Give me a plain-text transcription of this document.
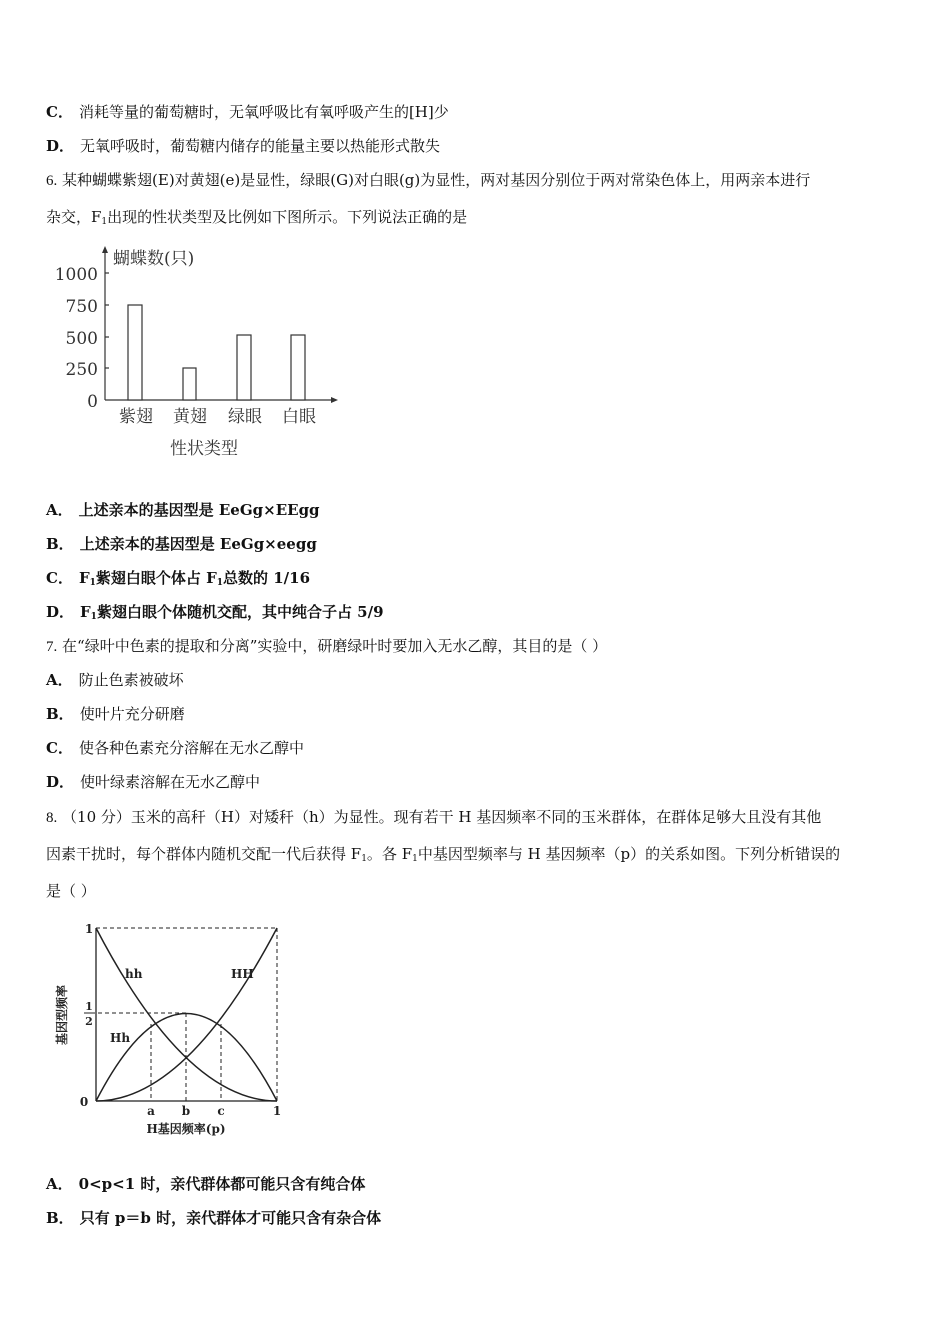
C． 消耗等量的葡萄糖时，无氧呼吸比有氧呼吸产生的[H]少
D． 无氧呼吸时，葡萄糖内储存的能量主要以热能形式散失
6. 某种蝴蝶紫翅(E)对黄翅(e)是显性，绿眼(G)对白眼(g)为显性，两对基因分别位于两对常染色体上，用两亲本进行
杂交，$F_1$出现的性状类型及比例如下图所示。下列说法正确的是
1000
750
500
250
0
蝴蝶数(只)
紫翅 黄翅 绿眼 白眼
性状类型
A． 上述亲本的基因型是 EeGg×EEgg
B． 上述亲本的基因型是 EeGg×eegg
C． $F_1$紫翅白眼个体占 $F_1$总数的 1/16
D． $F_1$紫翅白眼个体随机交配，其中纯合子占 5/9
7. 在“绿叶中色素的提取和分离”实验中，研磨绿叶时要加入无水乙醇，其目的是（ ）
A． 防止色素被破坏
B． 使叶片充分研磨
C． 使各种色素充分溶解在无水乙醇中
D． 使叶绿素溶解在无水乙醇中
8. （10 分）玉米的高秆（H）对矮秆（h）为显性。现有若干 H 基因频率不同的玉米群体，在群体足够大且没有其他
因素干扰时，每个群体内随机交配一代后获得 $F_1$。各 $F_1$中基因型频率与 H 基因频率（p）的关系如图。下列分析错误的
是（ ）
hh	HH
Hh
1
1
2
0
a b c	1
H基因频率(p)
基因型频率
A． 0<p<1 时，亲代群体都可能只含有纯合体
B． 只有 p＝b 时，亲代群体才可能只含有杂合体
